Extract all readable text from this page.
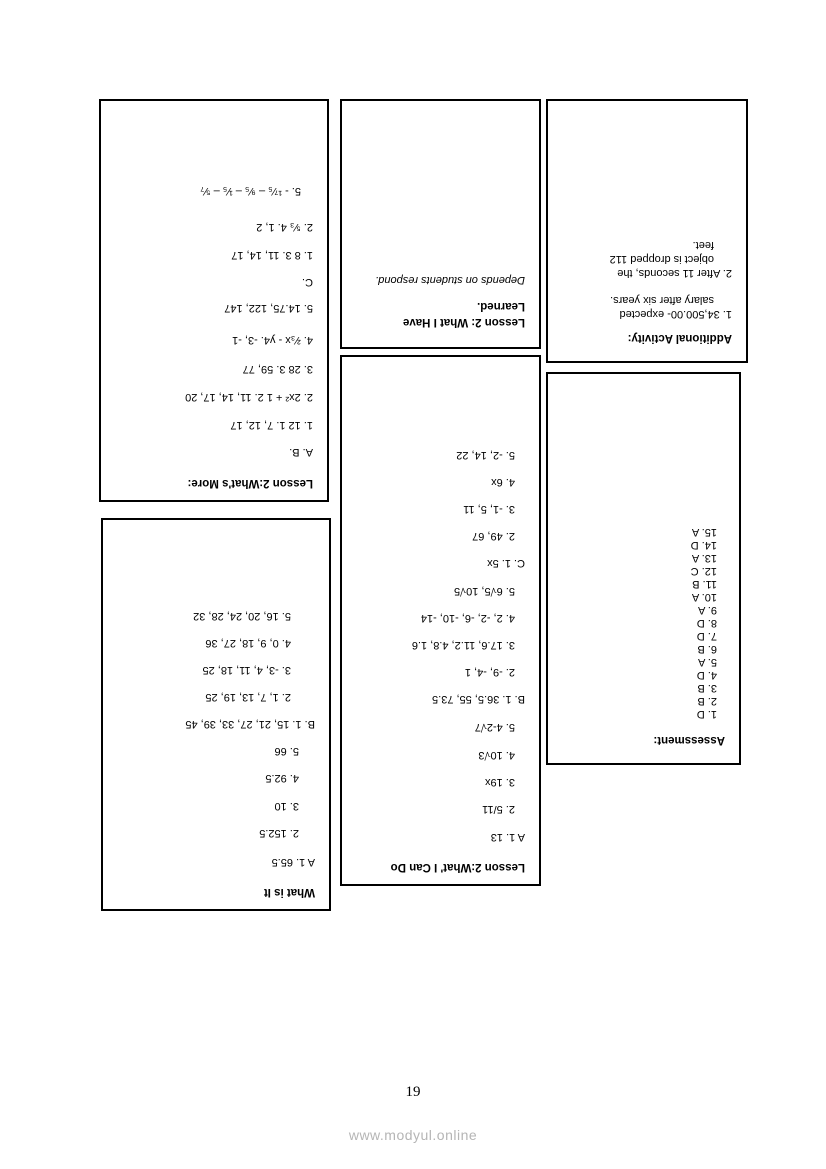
What is It
A 1. 65.5
2. 152.5
3. 10
4. 92.5
5. 66
B. 1. 15, 21, 27, 33, 39, 45
2. 1, 7, 13, 19, 25
3. -3, 4, 11, 18, 25
4. 0, 9, 18, 27, 36
5. 16, 20, 24, 28, 32
Lesson 2:What's More:
A. B.
1. 12 1. 7, 12, 17
2. 2x² + 1 2. 11, 14, 17, 20
3. 28 3. 59, 77
4. ²⁄₃x - y4. -3, -1
5. 14.75, 122, 147
C.
1. 8 3. 11, 14, 17
2. ⁵⁄₃ 4. 1, 2
5. - ¹⁷⁄₅ – ⁹⁄₅ – ¹⁄₅ – ⁵⁄₇
Lesson 2: What I Have Learned.
Depends on students respond.
Lesson 2:What' I Can Do
A 1. 13
2. 5/11
3. 19x
4. 10√3
5. 4-2√7
B. 1. 36.5, 55, 73.5
2. -9, -4, 1
3. 17.6, 11.2, 4.8, 1.6
4. 2, -2, -6, -10, -14
5. 6√5, 10√5
C. 1. 5x
2. 49, 67
3. -1, 5, 11
4. 6x
5. -2, 14, 22
Additional Activity:
1. 34,500.00- expected
salary after six years.
2. After 11 seconds, the
object is dropped 112
feet.
Assessment:
1. D
2. B
3. B
4. D
5. A
6. B
7. D
8. D
9. A
10. A
11. B
12. C
13. A
14. D
15. A
19
www.modyul.online
